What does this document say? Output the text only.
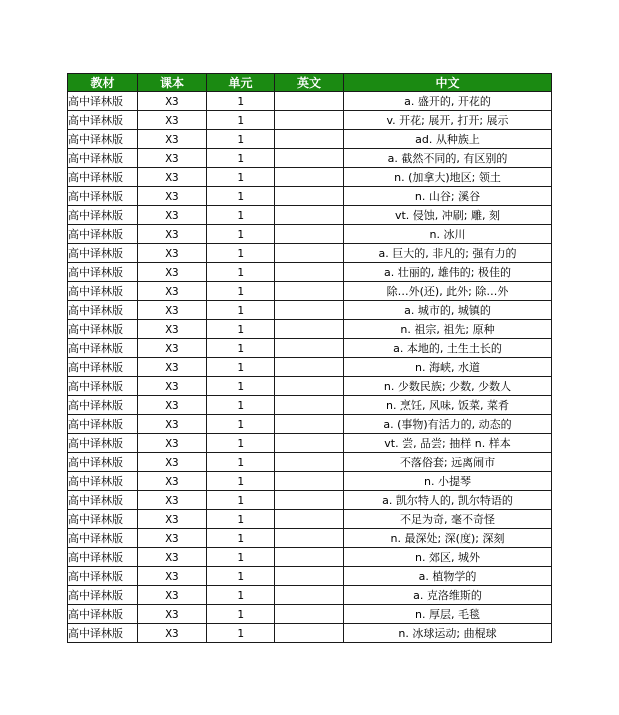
教材	课本	单元	英文	中文
高中译林版	X3	1		a. 盛开的, 开花的
高中译林版	X3	1		v. 开花; 展开, 打开; 展示
高中译林版	X3	1		ad. 从种族上
高中译林版	X3	1		a. 截然不同的, 有区别的
高中译林版	X3	1		n. (加拿大)地区; 领土
高中译林版	X3	1		n. 山谷; 溪谷
高中译林版	X3	1		vt. 侵蚀, 冲刷; 雕, 刻
高中译林版	X3	1		n. 冰川
高中译林版	X3	1		a. 巨大的, 非凡的; 强有力的
高中译林版	X3	1		a. 壮丽的, 雄伟的; 极佳的
高中译林版	X3	1		除…外(还), 此外; 除…外
高中译林版	X3	1		a. 城市的, 城镇的
高中译林版	X3	1		n. 祖宗, 祖先; 原种
高中译林版	X3	1		a. 本地的, 土生土长的
高中译林版	X3	1		n. 海峡, 水道
高中译林版	X3	1		n. 少数民族; 少数, 少数人
高中译林版	X3	1		n. 烹饪, 风味, 饭菜, 菜肴
高中译林版	X3	1		a. (事物)有活力的, 动态的
高中译林版	X3	1		vt. 尝, 品尝; 抽样 n. 样本
高中译林版	X3	1		不落俗套; 远离闹市
高中译林版	X3	1		n. 小提琴
高中译林版	X3	1		a. 凯尔特人的, 凯尔特语的
高中译林版	X3	1		不足为奇, 毫不奇怪
高中译林版	X3	1		n. 最深处; 深(度); 深刻
高中译林版	X3	1		n. 郊区, 城外
高中译林版	X3	1		a. 植物学的
高中译林版	X3	1		a. 克洛维斯的
高中译林版	X3	1		n. 厚层, 毛毯
高中译林版	X3	1		n. 冰球运动; 曲棍球
